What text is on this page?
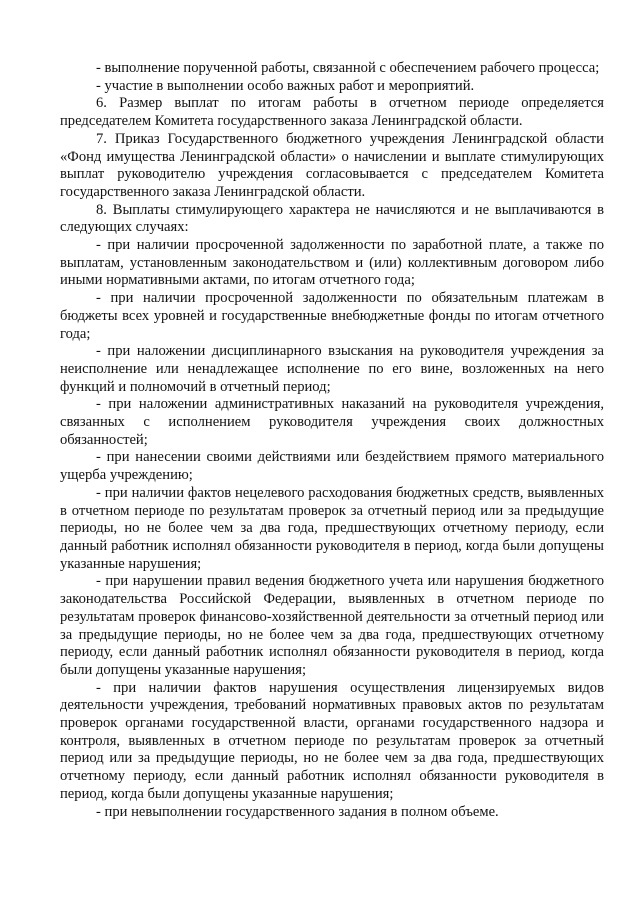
- выполнение порученной работы, связанной с обеспечением рабочего процесса;

- участие в выполнении особо важных работ и мероприятий.

6. Размер выплат по итогам работы в отчетном периоде определяется председателем Комитета государственного заказа Ленинградской области.

7. Приказ Государственного бюджетного учреждения Ленинградской области «Фонд имущества Ленинградской области» о начислении и выплате стимулирующих выплат руководителю учреждения согласовывается с председателем Комитета государственного заказа Ленинградской области.

8. Выплаты стимулирующего характера не начисляются и не выплачиваются в следующих случаях:

- при наличии просроченной задолженности по заработной плате, а также по выплатам, установленным законодательством и (или) коллективным договором либо иными нормативными актами, по итогам отчетного года;

- при наличии просроченной задолженности по обязательным платежам в бюджеты всех уровней и государственные внебюджетные фонды по итогам отчетного года;

- при наложении дисциплинарного взыскания на руководителя учреждения за неисполнение или ненадлежащее исполнение по его вине, возложенных на него функций и полномочий в отчетный период;

- при наложении административных наказаний на руководителя учреждения, связанных с исполнением руководителя учреждения своих должностных обязанностей;

- при нанесении своими действиями или бездействием прямого материального ущерба учреждению;

- при наличии фактов нецелевого расходования бюджетных средств, выявленных в отчетном периоде по результатам проверок за отчетный период или за предыдущие периоды, но не более чем за два года, предшествующих отчетному периоду, если данный работник исполнял обязанности руководителя в период, когда были допущены указанные нарушения;

- при нарушении правил ведения бюджетного учета или нарушения бюджетного законодательства Российской Федерации, выявленных в отчетном периоде по результатам проверок финансово-хозяйственной деятельности за отчетный период или за предыдущие периоды, но не более чем за два года, предшествующих отчетному периоду, если данный работник исполнял обязанности руководителя в период, когда были допущены указанные нарушения;

- при наличии фактов нарушения осуществления лицензируемых видов деятельности учреждения, требований нормативных правовых актов по результатам проверок органами государственной власти, органами государственного надзора и контроля, выявленных в отчетном периоде по результатам проверок за отчетный период или за предыдущие периоды, но не более чем за два года, предшествующих отчетному периоду, если данный работник исполнял обязанности руководителя в период, когда были допущены указанные нарушения;

- при невыполнении государственного задания в полном объеме.
